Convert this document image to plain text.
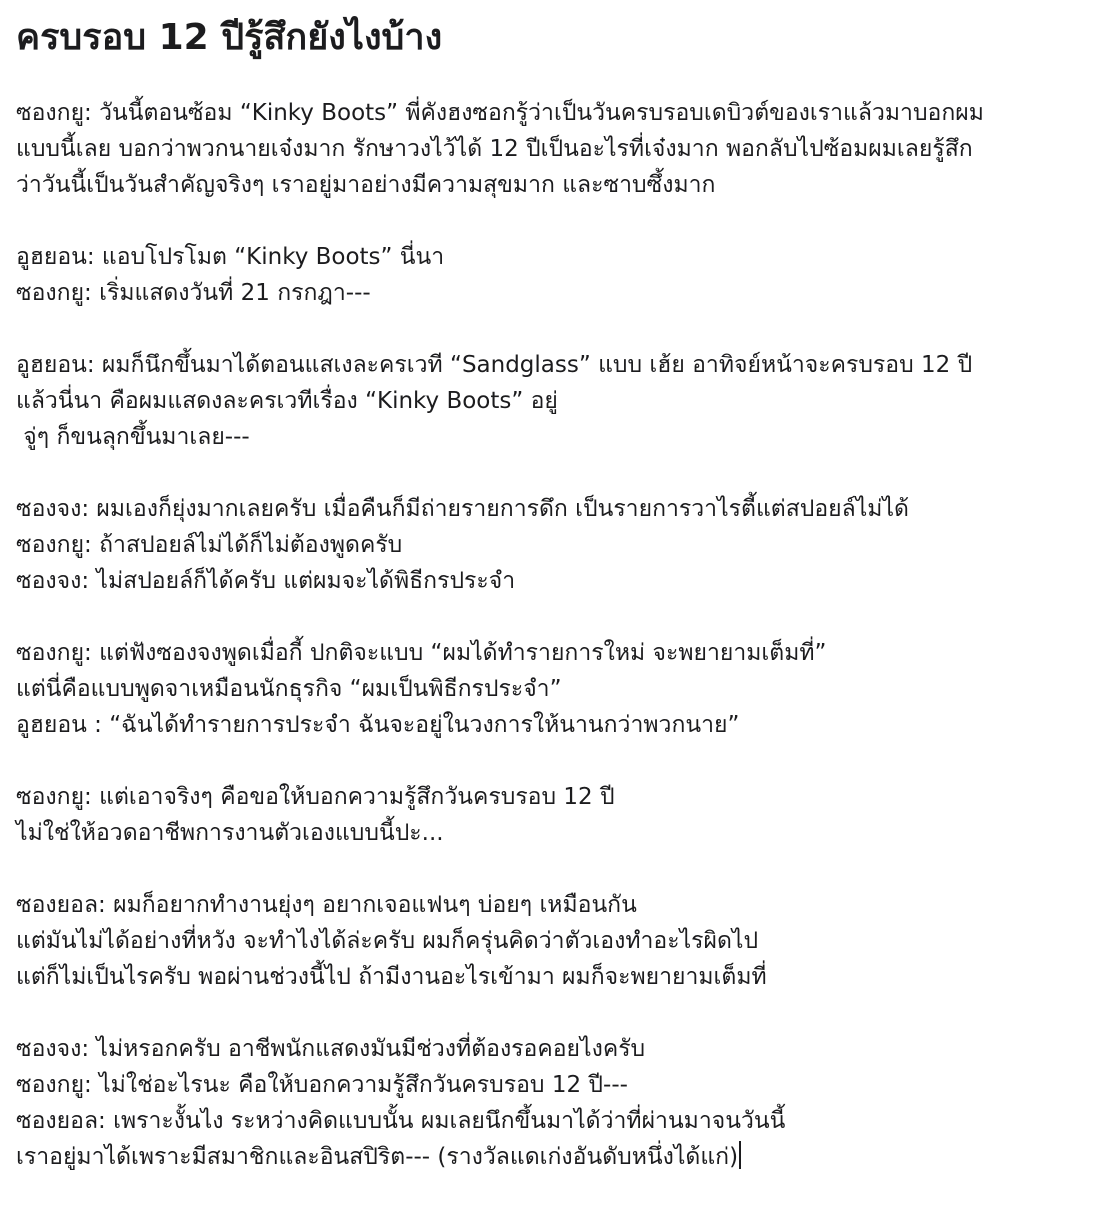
ครบรอบ 12 ปีรู้สึกยังไงบ้าง
ซองกยู: วันนี้ตอนซ้อม “Kinky Boots” พี่คังฮงซอกรู้ว่าเป็นวันครบรอบเดบิวต์ของเราแล้วมาบอกผม
แบบนี้เลย บอกว่าพวกนายเจ๋งมาก รักษาวงไว้ได้ 12 ปีเป็นอะไรที่เจ๋งมาก พอกลับไปซ้อมผมเลยรู้สึก
ว่าวันนี้เป็นวันสำคัญจริงๆ เราอยู่มาอย่างมีความสุขมาก และซาบซึ้งมาก
อูฮยอน: แอบโปรโมต “Kinky Boots” นี่นา
ซองกยู: เริ่มแสดงวันที่ 21 กรกฎา---
อูฮยอน: ผมก็นึกขึ้นมาได้ตอนแสเงละครเวที “Sandglass” แบบ เฮ้ย อาทิจย์หน้าจะครบรอบ 12 ปี
แล้วนี่นา คือผมแสดงละครเวทีเรื่อง “Kinky Boots” อยู่
จู่ๆ ก็ขนลุกขึ้นมาเลย---
ซองจง: ผมเองก็ยุ่งมากเลยครับ เมื่อคืนก็มีถ่ายรายการดึก เป็นรายการวาไรตี้แต่สปอยล์ไม่ได้
ซองกยู: ถ้าสปอยล์ไม่ได้ก็ไม่ต้องพูดครับ
ซองจง: ไม่สปอยล์ก็ได้ครับ แต่ผมจะได้พิธีกรประจำ
ซองกยู: แต่ฟังซองจงพูดเมื่อกี้ ปกติจะแบบ “ผมได้ทำรายการใหม่ จะพยายามเต็มที่”
แต่นี่คือแบบพูดจาเหมือนนักธุรกิจ “ผมเป็นพิธีกรประจำ”
อูฮยอน : “ฉันได้ทำรายการประจำ ฉันจะอยู่ในวงการให้นานกว่าพวกนาย”
ซองกยู: แต่เอาจริงๆ คือขอให้บอกความรู้สึกวันครบรอบ 12 ปี
ไม่ใช่ให้อวดอาชีพการงานตัวเองแบบนี้ปะ...
ซองยอล: ผมก็อยากทำงานยุ่งๆ อยากเจอแฟนๆ บ่อยๆ เหมือนกัน
แต่มันไม่ได้อย่างที่หวัง จะทำไงได้ล่ะครับ ผมก็ครุ่นคิดว่าตัวเองทำอะไรผิดไป
แต่ก็ไม่เป็นไรครับ พอผ่านช่วงนี้ไป ถ้ามีงานอะไรเข้ามา ผมก็จะพยายามเต็มที่
ซองจง: ไม่หรอกครับ อาชีพนักแสดงมันมีช่วงที่ต้องรอคอยไงครับ
ซองกยู: ไม่ใช่อะไรนะ คือให้บอกความรู้สึกวันครบรอบ 12 ปี---
ซองยอล: เพราะงั้นไง ระหว่างคิดแบบนั้น ผมเลยนึกขึ้นมาได้ว่าที่ผ่านมาจนวันนี้
เราอยู่มาได้เพราะมีสมาชิกและอินสปิริต--- (รางวัลแดเก่งอันดับหนึ่งได้แก่)
